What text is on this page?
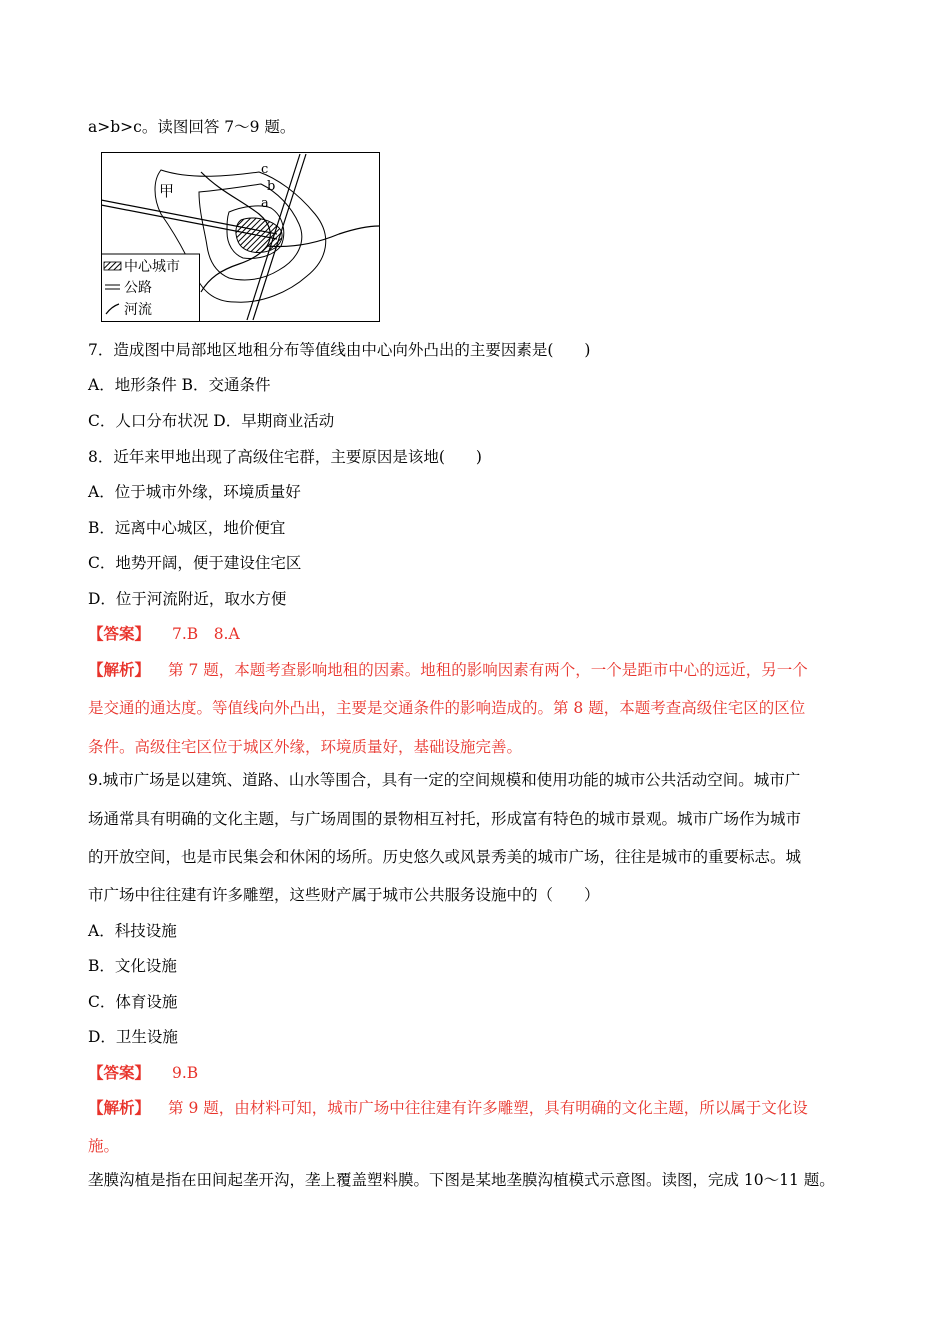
a>b>c。读图回答 7～9 题。
甲
c
b
a
中心城市
公路
河流
7．造成图中局部地区地租分布等值线由中心向外凸出的主要因素是(　　)
A．地形条件 B．交通条件
C．人口分布状况 D．早期商业活动
8．近年来甲地出现了高级住宅群，主要原因是该地(　　)
A．位于城市外缘，环境质量好
B．远离中心城区，地价便宜
C．地势开阔，便于建设住宅区
D．位于河流附近，取水方便
【答案】 7.B　8.A
【解析】 第 7 题，本题考查影响地租的因素。地租的影响因素有两个，一个是距市中心的远近，另一个
是交通的通达度。等值线向外凸出，主要是交通条件的影响造成的。第 8 题，本题考查高级住宅区的区位
条件。高级住宅区位于城区外缘，环境质量好，基础设施完善。
9.城市广场是以建筑、道路、山水等围合，具有一定的空间规模和使用功能的城市公共活动空间。城市广
场通常具有明确的文化主题，与广场周围的景物相互衬托，形成富有特色的城市景观。城市广场作为城市
的开放空间，也是市民集会和休闲的场所。历史悠久或风景秀美的城市广场，往往是城市的重要标志。城
市广场中往往建有许多雕塑，这些财产属于城市公共服务设施中的（　　）
A．科技设施
B．文化设施
C．体育设施
D．卫生设施
【答案】 9.B
【解析】 第 9 题，由材料可知，城市广场中往往建有许多雕塑，具有明确的文化主题，所以属于文化设
施。
垄膜沟植是指在田间起垄开沟，垄上覆盖塑料膜。下图是某地垄膜沟植模式示意图。读图，完成 10～11 题。
